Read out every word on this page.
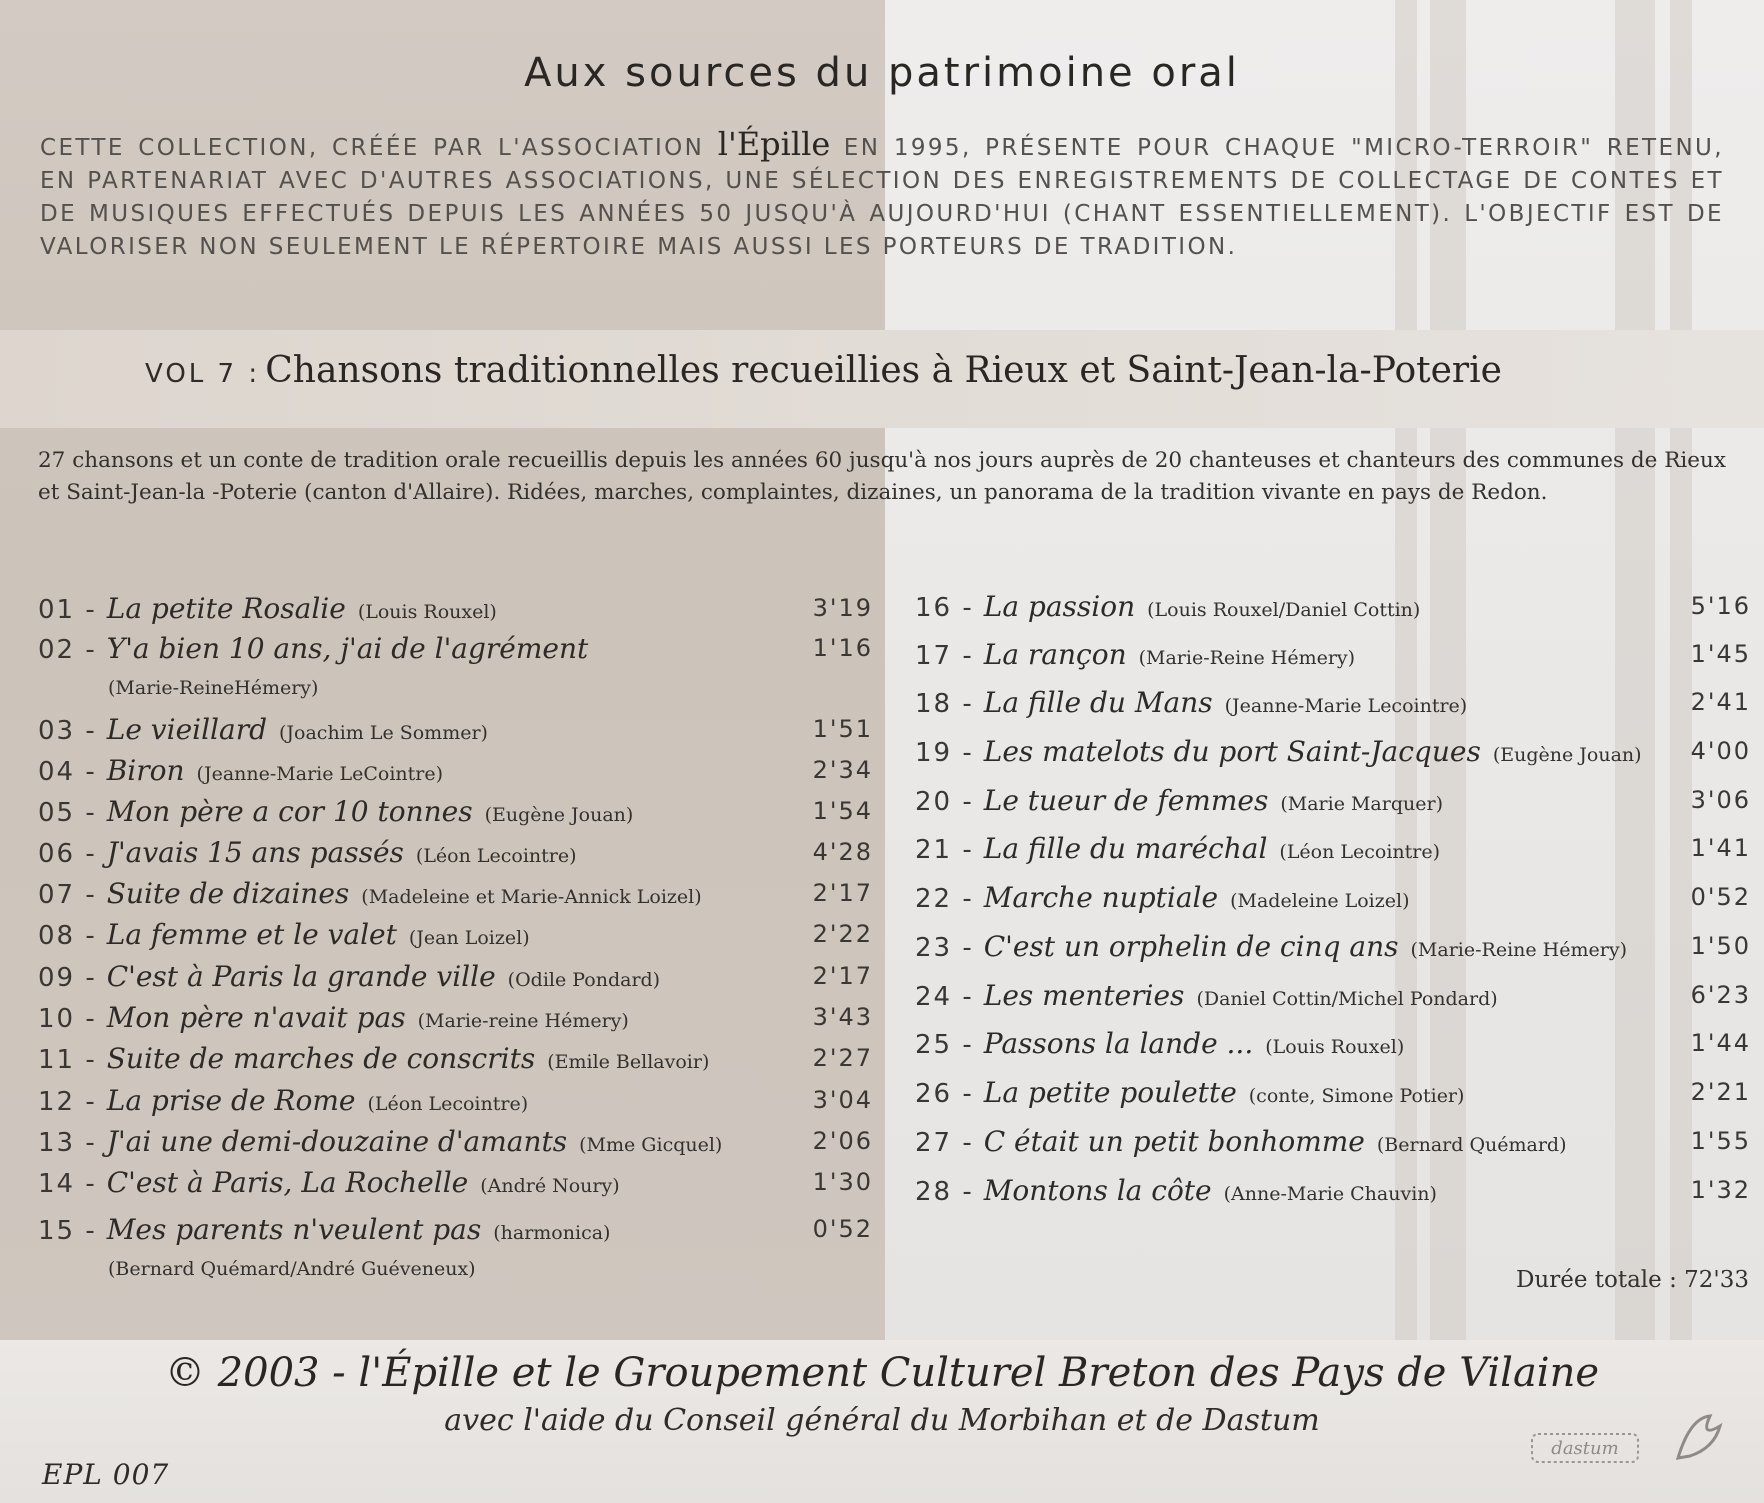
Aux sources du patrimoine oral
CETTE COLLECTION, CRÉÉE PAR L'ASSOCIATION l'Épille EN 1995, PRÉSENTE POUR CHAQUE "MICRO-TERROIR" RETENU, EN PARTENARIAT AVEC D'AUTRES ASSOCIATIONS, UNE SÉLECTION DES ENREGISTREMENTS DE COLLECTAGE DE CONTES ET DE MUSIQUES EFFECTUÉS DEPUIS LES ANNÉES 50 JUSQU'À AUJOURD'HUI (CHANT ESSENTIELLEMENT). L'OBJECTIF EST DE VALORISER NON SEULEMENT LE RÉPERTOIRE MAIS AUSSI LES PORTEURS DE TRADITION.
VOL 7 : Chansons traditionnelles recueillies à Rieux et Saint-Jean-la-Poterie
27 chansons et un conte de tradition orale recueillis depuis les années 60 jusqu'à nos jours auprès de 20 chanteuses et chanteurs des communes de Rieux et Saint-Jean-la -Poterie (canton d'Allaire). Ridées, marches, complaintes, dizaines, un panorama de la tradition vivante en pays de Redon.
01 - La petite Rosalie (Louis Rouxel)	3'19
02 - Y'a bien 10 ans, j'ai de l'agrément	1'16
(Marie-ReineHémery)
03 - Le vieillard (Joachim Le Sommer)	1'51
04 - Biron (Jeanne-Marie LeCointre)	2'34
05 - Mon père a cor 10 tonnes (Eugène Jouan)	1'54
06 - J'avais 15 ans passés (Léon Lecointre)	4'28
07 - Suite de dizaines (Madeleine et Marie-Annick Loizel)	2'17
08 - La femme et le valet (Jean Loizel)	2'22
09 - C'est à Paris la grande ville (Odile Pondard)	2'17
10 - Mon père n'avait pas (Marie-reine Hémery)	3'43
11 - Suite de marches de conscrits (Emile Bellavoir)	2'27
12 - La prise de Rome (Léon Lecointre)	3'04
13 - J'ai une demi-douzaine d'amants (Mme Gicquel)	2'06
14 - C'est à Paris, La Rochelle (André Noury)	1'30
15 - Mes parents n'veulent pas (harmonica)	0'52
(Bernard Quémard/André Guéveneux)
16 - La passion (Louis Rouxel/Daniel Cottin)	5'16
17 - La rançon (Marie-Reine Hémery)	1'45
18 - La fille du Mans (Jeanne-Marie Lecointre)	2'41
19 - Les matelots du port Saint-Jacques (Eugène Jouan) 4'00
20 - Le tueur de femmes (Marie Marquer)	3'06
21 - La fille du maréchal (Léon Lecointre)	1'41
22 - Marche nuptiale (Madeleine Loizel)	0'52
23 - C'est un orphelin de cinq ans (Marie-Reine Hémery)	1'50
24 - Les menteries (Daniel Cottin/Michel Pondard)	6'23
25 - Passons la lande ... (Louis Rouxel)	1'44
26 - La petite poulette (conte, Simone Potier)	2'21
27 - C était un petit bonhomme (Bernard Quémard)	1'55
28 - Montons la côte (Anne-Marie Chauvin)	1'32
Durée totale : 72'33
© 2003 - l'Épille et le Groupement Culturel Breton des Pays de Vilaine
avec l'aide du Conseil général du Morbihan et de Dastum
EPL 007
dastum
